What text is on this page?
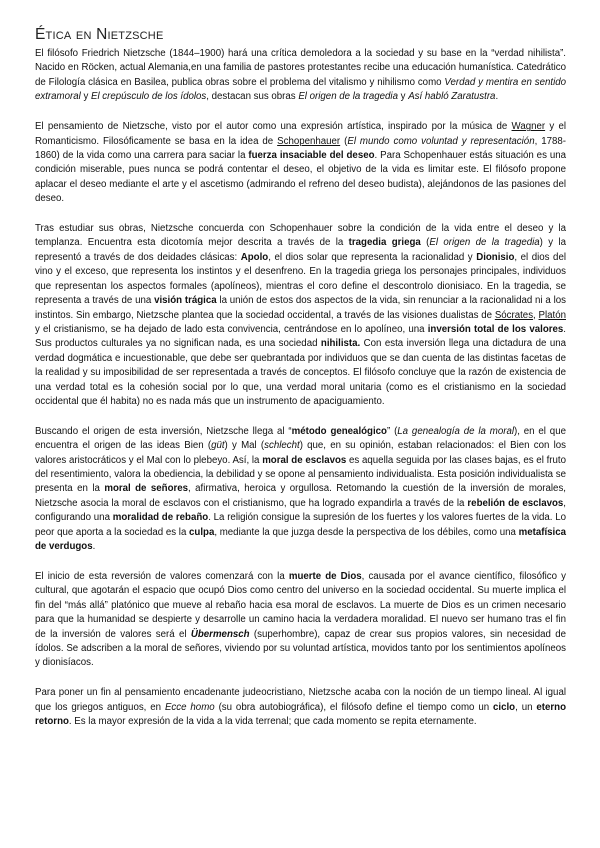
Ética en Nietzsche

El filósofo Friedrich Nietzsche (1844–1900) hará una crítica demoledora a la sociedad y su base en la “verdad nihilista”. Nacido en Röcken, actual Alemania,en una familia de pastores protestantes recibe una educación humanística. Catedrático de Filología clásica en Basilea, publica obras sobre el problema del vitalismo y nihilismo como Verdad y mentira en sentido extramoral y El crepúsculo de los ídolos, destacan sus obras El origen de la tragedia y Así habló Zaratustra.

El pensamiento de Nietzsche, visto por el autor como una expresión artística, inspirado por la música de Wagner y el Romanticismo. Filosóficamente se basa en la idea de Schopenhauer (El mundo como voluntad y representación, 1788-1860) de la vida como una carrera para saciar la fuerza insaciable del deseo. Para Schopenhauer estás situación es una condición miserable, pues nunca se podrá contentar el deseo, el objetivo de la vida es limitar este. El filósofo propone aplacar el deseo mediante el arte y el ascetismo (admirando el refreno del deseo budista), alejándonos de las pasiones del deseo.

Tras estudiar sus obras, Nietzsche concuerda con Schopenhauer sobre la condición de la vida entre el deseo y la templanza. Encuentra esta dicotomía mejor descrita a través de la tragedia griega (El origen de la tragedia) y la representó a través de dos deidades clásicas: Apolo, el dios solar que representa la racionalidad y Dionisio, el dios del vino y el exceso, que representa los instintos y el desenfreno. En la tragedia griega los personajes principales, individuos que representan los aspectos formales (apolíneos), mientras el coro define el descontrolo dionisiaco. En la tragedia, se representa a través de una visión trágica la unión de estos dos aspectos de la vida, sin renunciar a la racionalidad ni a los instintos. Sin embargo, Nietzsche plantea que la sociedad occidental, a través de las visiones dualistas de Sócrates, Platón y el cristianismo, se ha dejado de lado esta convivencia, centrándose en lo apolíneo, una inversión total de los valores. Sus productos culturales ya no significan nada, es una sociedad nihilista. Con esta inversión llega una dictadura de una verdad dogmática e incuestionable, que debe ser quebrantada por individuos que se dan cuenta de las distintas facetas de la realidad y su imposibilidad de ser representada a través de conceptos. El filósofo concluye que la razón de existencia de una verdad total es la cohesión social por lo que, una verdad moral unitaria (como es el cristianismo en la sociedad occidental que él habita) no es nada más que un instrumento de apaciguamiento.

Buscando el origen de esta inversión, Nietzsche llega al “método genealógico” (La genealogía de la moral), en el que encuentra el origen de las ideas Bien (güt) y Mal (schlecht) que, en su opinión, estaban relacionados: el Bien con los valores aristocráticos y el Mal con lo plebeyo. Así, la moral de esclavos es aquella seguida por las clases bajas, es el fruto del resentimiento, valora la obediencia, la debilidad y se opone al pensamiento individualista. Esta posición individualista se presenta en la moral de señores, afirmativa, heroica y orgullosa. Retomando la cuestión de la inversión de morales, Nietzsche asocia la moral de esclavos con el cristianismo, que ha logrado expandirla a través de la rebelión de esclavos, configurando una moralidad de rebaño. La religión consigue la supresión de los fuertes y los valores fuertes de la vida. Lo peor que aporta a la sociedad es la culpa, mediante la que juzga desde la perspectiva de los débiles, como una metafísica de verdugos.

El inicio de esta reversión de valores comenzará con la muerte de Dios, causada por el avance científico, filosófico y cultural, que agotarán el espacio que ocupó Dios como centro del universo en la sociedad occidental. Su muerte implica el fin del “más allá” platónico que mueve al rebaño hacia esa moral de esclavos. La muerte de Dios es un crimen necesario para que la humanidad se despierte y desarrolle un camino hacia la verdadera moralidad. El nuevo ser humano tras el fin de la inversión de valores será el Übermensch (superhombre), capaz de crear sus propios valores, sin necesidad de ídolos. Se adscriben a la moral de señores, viviendo por su voluntad artística, movidos tanto por los sentimientos apolíneos y dionisíacos.

Para poner un fin al pensamiento encadenante judeocristiano, Nietzsche acaba con la noción de un tiempo lineal. Al igual que los griegos antiguos, en Ecce homo (su obra autobiográfica), el filósofo define el tiempo como un ciclo, un eterno retorno. Es la mayor expresión de la vida a la vida terrenal; que cada momento se repita eternamente.
